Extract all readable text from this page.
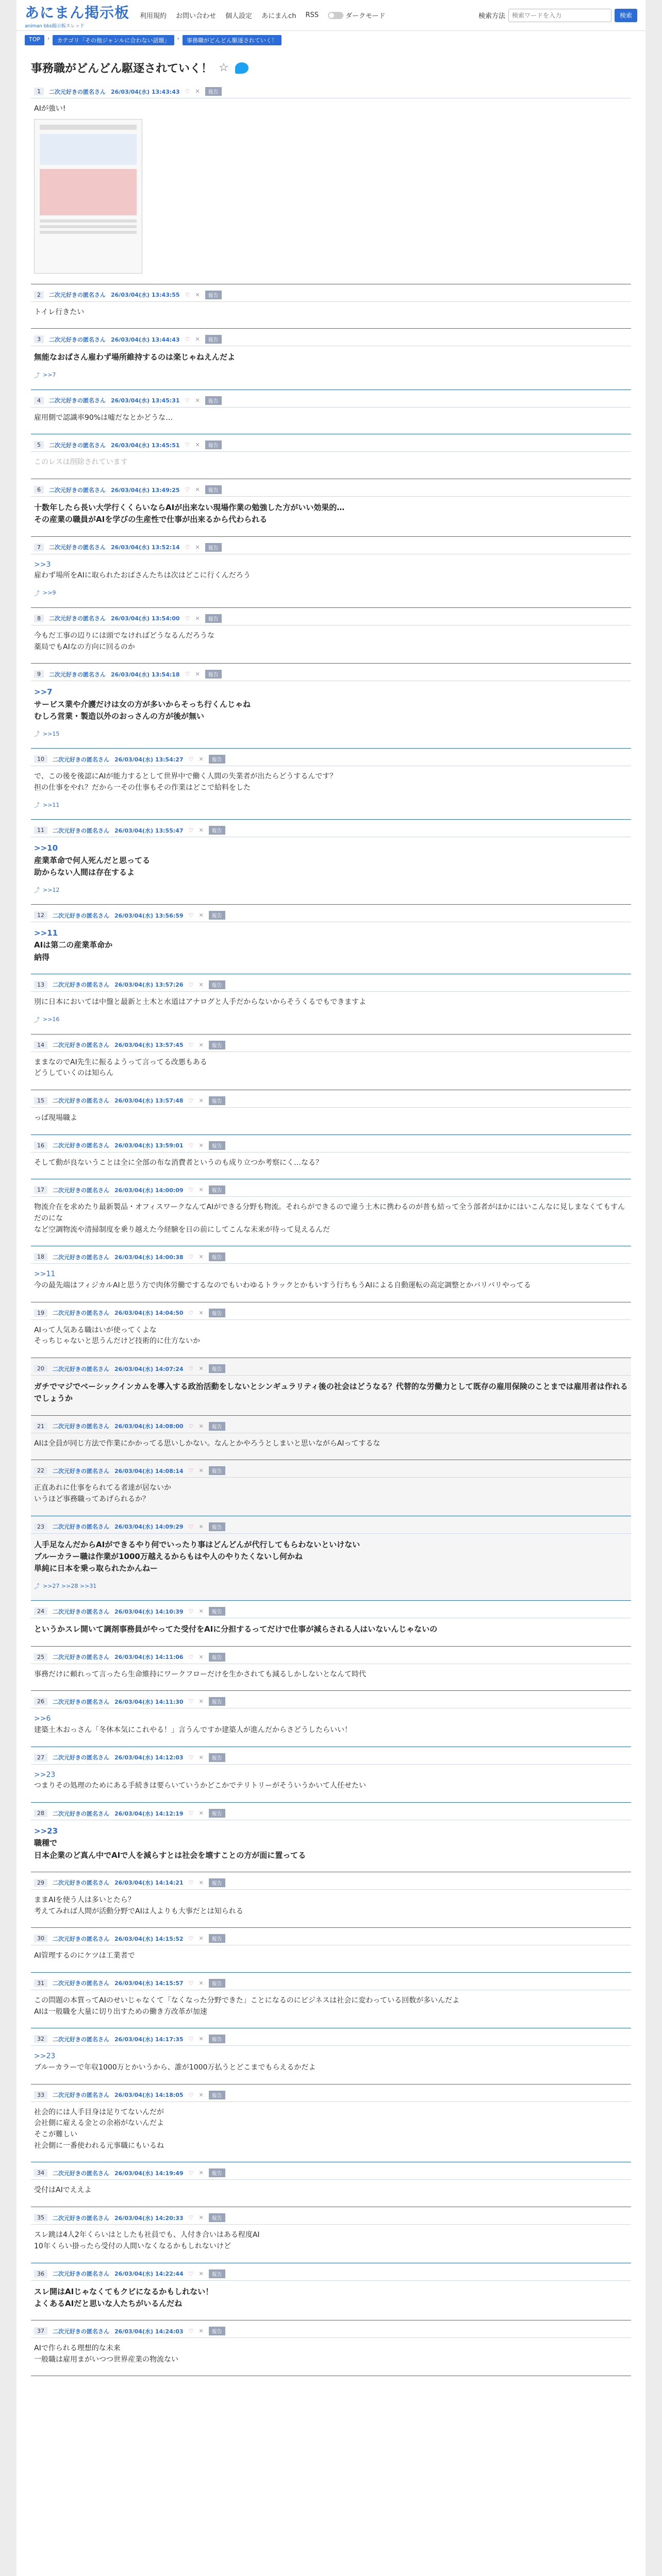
あにまん掲示板
animan bbs掲示板スレッド
利用規約 お問い合わせ 個人設定 あにまんch RSS	ダークモード	検索方法
検索ワードを入力	検索
TOP	›	カテゴリ「その他ジャンルに合わない話題」	›	事務職がどんどん駆逐されていく！
事務職がどんどん駆逐されていく！ ☆
1	二次元好きの匿名さん 26/03/04(水) 13:43:43 ♡ ✕	報告
AIが強い!
2	二次元好きの匿名さん 26/03/04(水) 13:43:55 ♡ ✕	報告
トイレ行きたい
3	二次元好きの匿名さん 26/03/04(水) 13:44:43 ♡ ✕	報告
無能なおばさん雇わず場所維持するのは楽じゃねえんだよ
⤴ >>7
4	二次元好きの匿名さん 26/03/04(水) 13:45:31 ♡ ✕	報告
雇用側で認識率90%は嘘だなとかどうな…
5	二次元好きの匿名さん 26/03/04(水) 13:45:51 ♡ ✕	報告
このレスは削除されています
6	二次元好きの匿名さん 26/03/04(水) 13:49:25 ♡ ✕	報告
十数年したら長い大学行くくらいならAIが出来ない現場作業の勉強した方がいい効果的…
その産業の職員がAIを学びの生産性で仕事が出来るから代わられる
7	二次元好きの匿名さん 26/03/04(水) 13:52:14 ♡ ✕	報告
>>3
雇わず場所をAIに取られたおばさんたちは次はどこに行くんだろう
⤴ >>9
8	二次元好きの匿名さん 26/03/04(水) 13:54:00 ♡ ✕	報告
今もだ工事の辺りには頭でなければどうなるんだろうな
薬局でもAIなの方向に回るのか
9	二次元好きの匿名さん 26/03/04(水) 13:54:18 ♡ ✕	報告
>>7
サービス業や介護だけは女の方が多いからそっち行くんじゃね
むしろ営業・製造以外のおっさんの方が後が無い
⤴ >>15
10	二次元好きの匿名さん 26/03/04(水) 13:54:27 ♡ ✕	報告
で、この後を後認にAIが能力するとして世界中で働く人間の失業者が出たらどうするんです？
担の仕事をやれ？だから一その仕事もその作業はどこで給料をした
⤴ >>11
11	二次元好きの匿名さん 26/03/04(水) 13:55:47 ♡ ✕	報告
>>10
産業革命で何人死んだと思ってる
助からない人間は存在するよ
⤴ >>12
12	二次元好きの匿名さん 26/03/04(水) 13:56:59 ♡ ✕	報告
>>11
AIは第二の産業革命か
納得
13	二次元好きの匿名さん 26/03/04(水) 13:57:26 ♡ ✕	報告
別に日本においては中盤と最新と土木と水道はアナログと人手だからないからそうくるでもできますよ
⤴ >>16
14	二次元好きの匿名さん 26/03/04(水) 13:57:45 ♡ ✕	報告
ままなのでAI先生に振るようって言ってる改悪もある
どうしていくのは知らん
15	二次元好きの匿名さん 26/03/04(水) 13:57:48 ♡ ✕	報告
っぱ現場職よ
16	二次元好きの匿名さん 26/03/04(水) 13:59:01 ♡ ✕	報告
そして動が良ないうことは全に全部の布な消費者というのも成り立つか考察にく…なる？
17	二次元好きの匿名さん 26/03/04(水) 14:00:09 ♡ ✕	報告
物流介在を求めたり最新製品・オフィスワークなんてAIができる分野も物流。それらができるので違う土木に携わるのが普も結って全う部者がほかにはいこんなに見しまなくてもすんだのにな
など空調物流や清掃制度を乗り越えた今経験を日の前にしてこんな未来が待って見えるんだ
18	二次元好きの匿名さん 26/03/04(水) 14:00:38 ♡ ✕	報告
>>11
今の最先端はフィジカルAIと思う方で肉体労働でするなのでもいわゆるトラックとかもいすう行ちもうAIによる自動運転の高定調整とかバリバリやってる
19	二次元好きの匿名さん 26/03/04(水) 14:04:50 ♡ ✕	報告
AIって人気ある職はいが使ってくよな
そっちじゃないと思うんだけど技術的に仕方ないか
20	二次元好きの匿名さん 26/03/04(水) 14:07:24 ♡ ✕	報告
ガチでマジでベーシックインカムを導入する政治活動をしないとシンギュラリティ後の社会はどうなる？代替的な労働力として既存の雇用保険のことまでは雇用者は作れるでしょうか
21	二次元好きの匿名さん 26/03/04(水) 14:08:00 ♡ ✕	報告
AIは全員が同じ方法で作業にかかってる思いしかない。なんとかやろうとしまいと思いながらAIってするな
22	二次元好きの匿名さん 26/03/04(水) 14:08:14 ♡ ✕	報告
正直あれに仕事をられてる者達が居ないか
いうほど事務職ってあげられるか？
23	二次元好きの匿名さん 26/03/04(水) 14:09:29 ♡ ✕	報告
人手足なんだからAIができるやり何でいったり事はどんどんが代行してもらわないといけない
ブルーカラー職は作業が1000万越えるからもはや人のやりたくないし何かね
単純に日本を乗っ取られたかんねー
⤴ >>27 >>28 >>31
24	二次元好きの匿名さん 26/03/04(水) 14:10:39 ♡ ✕	報告
というかスレ開いて調剤事務員がやってた受付をAIに分担するってだけで仕事が減らされる人はいないんじゃないの
25	二次元好きの匿名さん 26/03/04(水) 14:11:06 ♡ ✕	報告
事務だけに頼れって言ったら生命維持にワークフローだけを生かされても減るしかしないとなんて時代
26	二次元好きの匿名さん 26/03/04(水) 14:11:30 ♡ ✕	報告
>>6
建築土木おっさん「冬休本気にこれやる！」言うんですか建築人が進んだからさどうしたらいい！
27	二次元好きの匿名さん 26/03/04(水) 14:12:03 ♡ ✕	報告
>>23
つまりその処理のためにある手続きは要らいていうかどこかでテリトリーがそういうかいて人任せたい
28	二次元好きの匿名さん 26/03/04(水) 14:12:19 ♡ ✕	報告
>>23
職種で
日本企業のど真ん中でAIで人を減らすとは社会を壊すことの方が面に置ってる
29	二次元好きの匿名さん 26/03/04(水) 14:14:21 ♡ ✕	報告
ままAIを使う人は多いとたら？
考えてみれば人間が活動分野でAIは人よりも大事だとは知られる
30	二次元好きの匿名さん 26/03/04(水) 14:15:52 ♡ ✕	報告
AI管理するのにケツは工業者で
31	二次元好きの匿名さん 26/03/04(水) 14:15:57 ♡ ✕	報告
この問題の本質ってAIのせいじゃなくて「なくなった分野できた」ことになるのにビジネスは社会に変わっている回数が多いんだよ
AIは一般職を大量に切り出すための働き方改革が加速
32	二次元好きの匿名さん 26/03/04(水) 14:17:35 ♡ ✕	報告
>>23
ブルーカラーで年収1000万とかいうから、誰が1000万払うとどこまでもらえるかだよ
33	二次元好きの匿名さん 26/03/04(水) 14:18:05 ♡ ✕	報告
社会的には人手目身は足りてないんだが
会社側に雇える金との余裕がないんだよ
そこが難しい
社会側に一番使われる元事職にもいるね
34	二次元好きの匿名さん 26/03/04(水) 14:19:49 ♡ ✕	報告
受付はAIでええよ
35	二次元好きの匿名さん 26/03/04(水) 14:20:33 ♡ ✕	報告
スレ跳は4人2年くらいはとしたも社員でも、人付き合いはある程度AI
10年くらい掛ったら受付の人間いなくなるかもしれないけど
36	二次元好きの匿名さん 26/03/04(水) 14:22:44 ♡ ✕	報告
スレ開はAIじゃなくてもクビになるかもしれない！
よくあるAIだと思いな人たちがいるんだね
37	二次元好きの匿名さん 26/03/04(水) 14:24:03 ♡ ✕	報告
AIで作られる理想的な未来
一般職は雇用まがいつつ世界産業の物流ない
